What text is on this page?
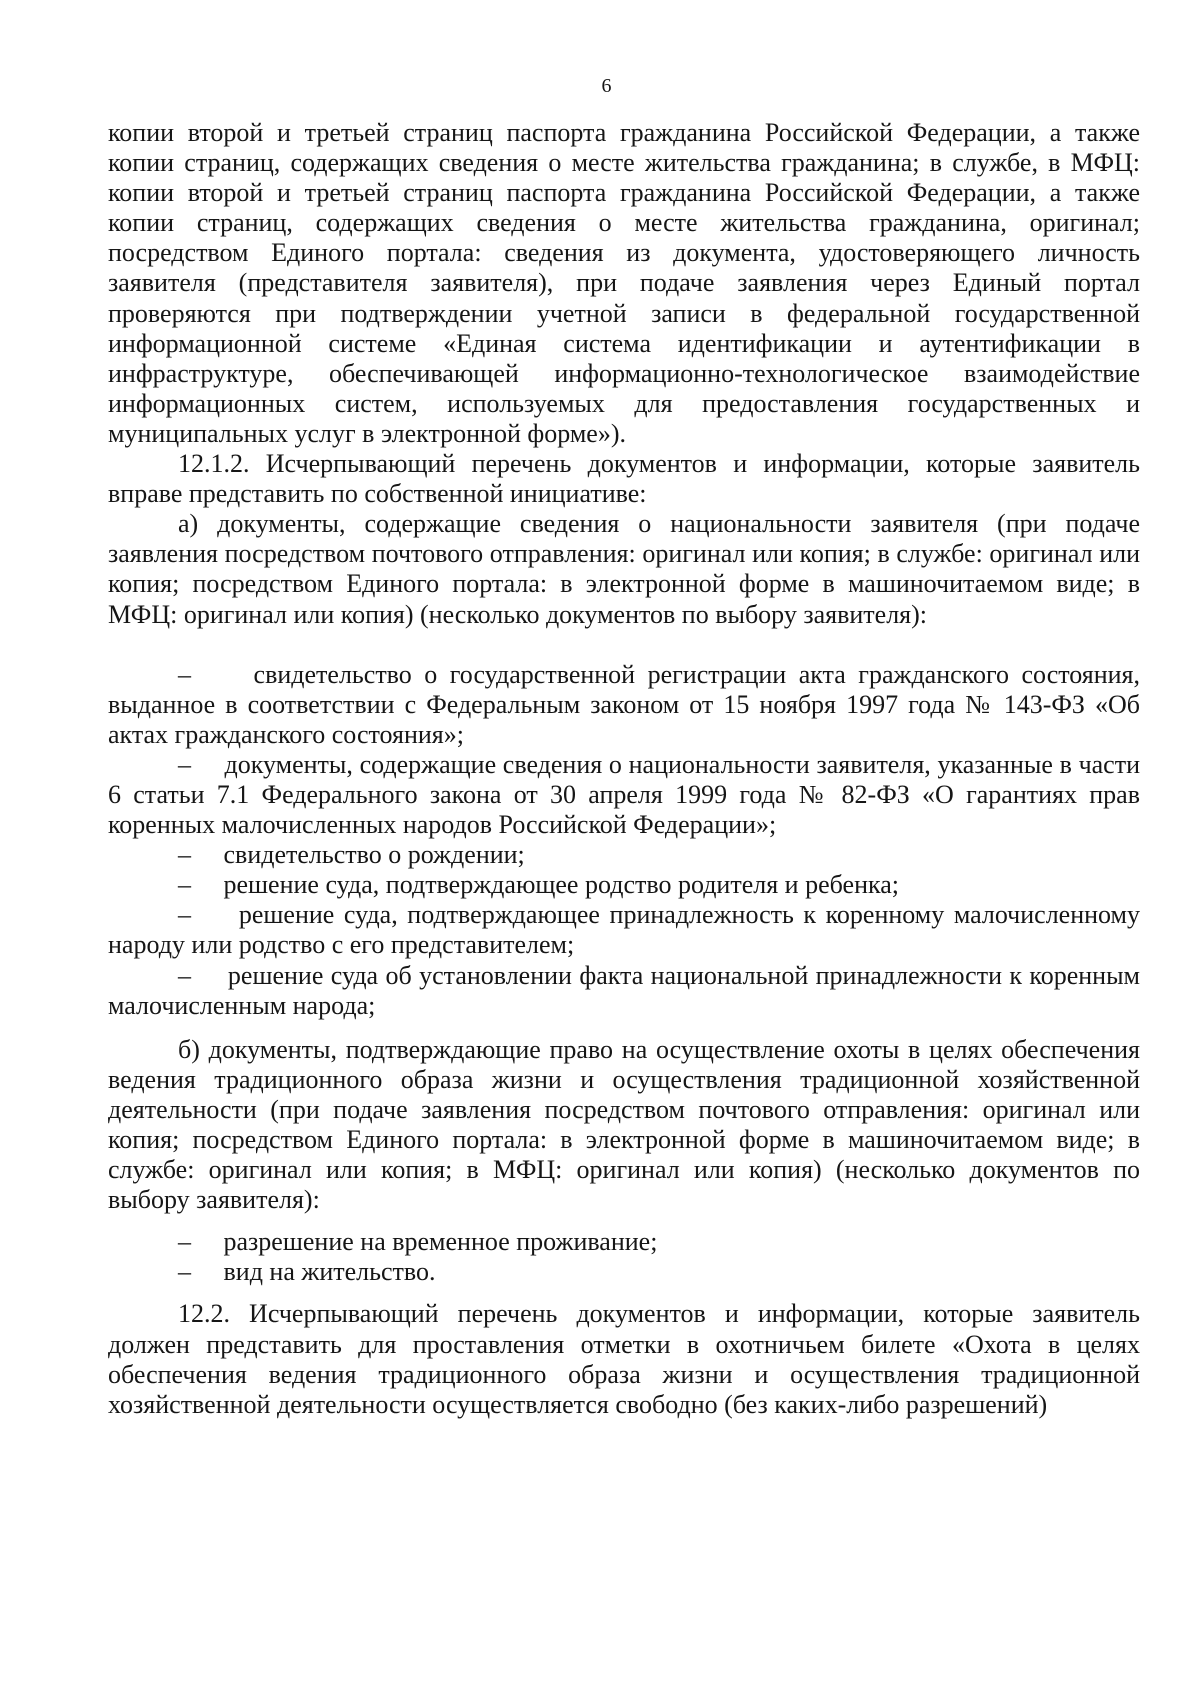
6

копии второй и третьей страниц паспорта гражданина Российской Федерации, а также копии страниц, содержащих сведения о месте жительства гражданина; в службе, в МФЦ: копии второй и третьей страниц паспорта гражданина Российской Федерации, а также копии страниц, содержащих сведения о месте жительства гражданина, оригинал; посредством Единого портала: сведения из документа, удостоверяющего личность заявителя (представителя заявителя), при подаче заявления через Единый портал проверяются при подтверждении учетной записи в федеральной государственной информационной системе «Единая система идентификации и аутентификации в инфраструктуре, обеспечивающей информационно-технологическое взаимодействие информационных систем, используемых для предоставления государственных и муниципальных услуг в электронной форме»).

12.1.2. Исчерпывающий перечень документов и информации, которые заявитель вправе представить по собственной инициативе:

а) документы, содержащие сведения о национальности заявителя (при подаче заявления посредством почтового отправления: оригинал или копия; в службе: оригинал или копия; посредством Единого портала: в электронной форме в машиночитаемом виде; в МФЦ: оригинал или копия) (несколько документов по выбору заявителя):

– свидетельство о государственной регистрации акта гражданского состояния, выданное в соответствии с Федеральным законом от 15 ноября 1997 года № 143-ФЗ «Об актах гражданского состояния»;

– документы, содержащие сведения о национальности заявителя, указанные в части 6 статьи 7.1 Федерального закона от 30 апреля 1999 года № 82-ФЗ «О гарантиях прав коренных малочисленных народов Российской Федерации»;

– свидетельство о рождении;

– решение суда, подтверждающее родство родителя и ребенка;

– решение суда, подтверждающее принадлежность к коренному малочисленному народу или родство с его представителем;

– решение суда об установлении факта национальной принадлежности к коренным малочисленным народа;

б) документы, подтверждающие право на осуществление охоты в целях обеспечения ведения традиционного образа жизни и осуществления традиционной хозяйственной деятельности (при подаче заявления посредством почтового отправления: оригинал или копия; посредством Единого портала: в электронной форме в машиночитаемом виде; в службе: оригинал или копия; в МФЦ: оригинал или копия) (несколько документов по выбору заявителя):

– разрешение на временное проживание;

– вид на жительство.

12.2. Исчерпывающий перечень документов и информации, которые заявитель должен представить для проставления отметки в охотничьем билете «Охота в целях обеспечения ведения традиционного образа жизни и осуществления традиционной хозяйственной деятельности осуществляется свободно (без каких-либо разрешений)
